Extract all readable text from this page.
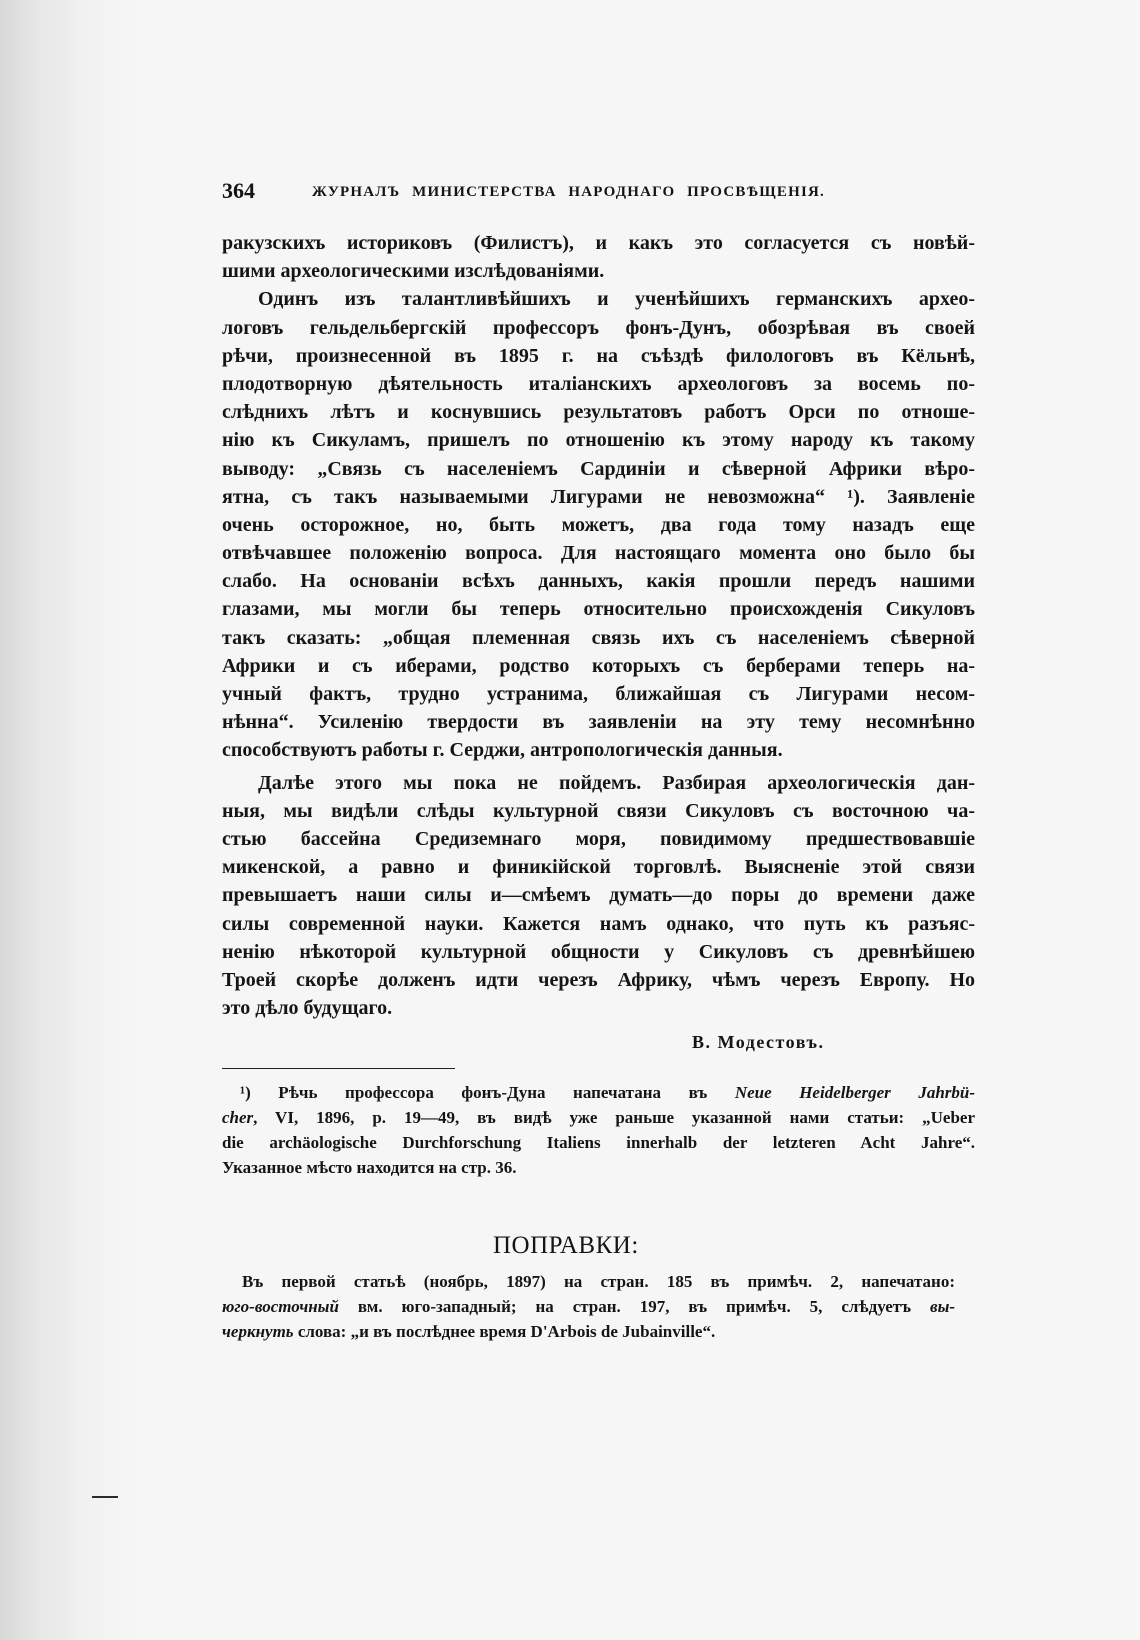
364	ЖУРНАЛЪ МИНИСТЕРСТВА НАРОДНАГО ПРОСВѢЩЕНІЯ.
ракузскихъ историковъ (Филистъ), и какъ это согласуется съ новѣй-
шими археологическими изслѣдованіями.
Одинъ изъ талантливѣйшихъ и ученѣйшихъ германскихъ архео-
логовъ гельдельбергскій профессоръ фонъ-Дунъ, обозрѣвая въ своей
рѣчи, произнесенной въ 1895 г. на съѣздѣ филологовъ въ Кёльнѣ,
плодотворную дѣятельность италіанскихъ археологовъ за восемь по-
слѣднихъ лѣтъ и коснувшись результатовъ работъ Орси по отноше-
нію къ Сикуламъ, пришелъ по отношенію къ этому народу къ такому
выводу: „Связь съ населеніемъ Сардиніи и сѣверной Африки вѣро-
ятна, съ такъ называемыми Лигурами не невозможна“ ¹). Заявленіе
очень осторожное, но, быть можетъ, два года тому назадъ еще
отвѣчавшее положенію вопроса. Для настоящаго момента оно было бы
слабо. На основаніи всѣхъ данныхъ, какія прошли передъ нашими
глазами, мы могли бы теперь относительно происхожденія Сикуловъ
такъ сказать: „общая племенная связь ихъ съ населеніемъ сѣверной
Африки и съ иберами, родство которыхъ съ берберами теперь на-
учный фактъ, трудно устранима, ближайшая съ Лигурами несом-
нѣнна“. Усиленію твердости въ заявленіи на эту тему несомнѣнно
способствуютъ работы г. Серджи, антропологическія данныя.
Далѣе этого мы пока не пойдемъ. Разбирая археологическія дан-
ныя, мы видѣли слѣды культурной связи Сикуловъ съ восточною ча-
стью бассейна Средиземнаго моря, повидимому предшествовавшіе
микенской, а равно и финикійской торговлѣ. Выясненіе этой связи
превышаетъ наши силы и—смѣемъ думать—до поры до времени даже
силы современной науки. Кажется намъ однако, что путь къ разъяс-
ненію нѣкоторой культурной общности у Сикуловъ съ древнѣйшею
Троей скорѣе долженъ идти черезъ Африку, чѣмъ черезъ Европу. Но
это дѣло будущаго.
В. Модестовъ.
¹) Рѣчь профессора фонъ-Дуна напечатана въ Neue Heidelberger Jahrbü-
cher, VI, 1896, p. 19—49, въ видѣ уже раньше указанной нами статьи: „Ueber
die archäologische Durchforschung Italiens innerhalb der letzteren Acht Jahre“.
Указанное мѣсто находится на стр. 36.
ПОПРАВКИ:
Въ первой статьѣ (ноябрь, 1897) на стран. 185 въ примѣч. 2, напечатано:
юго-восточный вм. юго-западный; на стран. 197, въ примѣч. 5, слѣдуетъ вы-
черкнуть слова: „и въ послѣднее время D'Arbois de Jubainville“.
